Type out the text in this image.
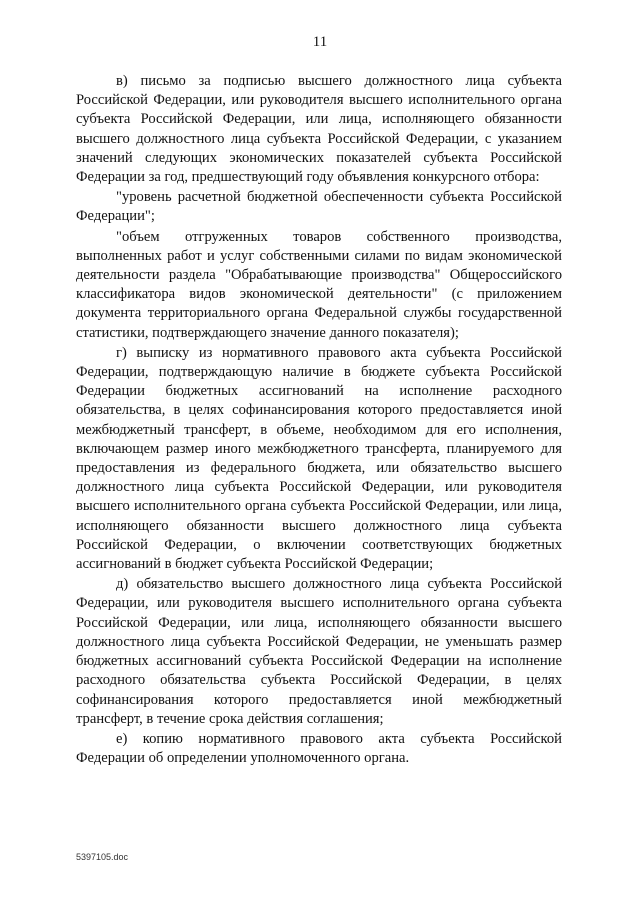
11

в) письмо за подписью высшего должностного лица субъекта Российской Федерации, или руководителя высшего исполнительного органа субъекта Российской Федерации, или лица, исполняющего обязанности высшего должностного лица субъекта Российской Федерации, с указанием значений следующих экономических показателей субъекта Российской Федерации за год, предшествующий году объявления конкурсного отбора:

"уровень расчетной бюджетной обеспеченности субъекта Российской Федерации";

"объем отгруженных товаров собственного производства, выполненных работ и услуг собственными силами по видам экономической деятельности раздела "Обрабатывающие производства" Общероссийского классификатора видов экономической деятельности" (с приложением документа территориального органа Федеральной службы государственной статистики, подтверждающего значение данного показателя);

г) выписку из нормативного правового акта субъекта Российской Федерации, подтверждающую наличие в бюджете субъекта Российской Федерации бюджетных ассигнований на исполнение расходного обязательства, в целях софинансирования которого предоставляется иной межбюджетный трансферт, в объеме, необходимом для его исполнения, включающем размер иного межбюджетного трансферта, планируемого для предоставления из федерального бюджета, или обязательство высшего должностного лица субъекта Российской Федерации, или руководителя высшего исполнительного органа субъекта Российской Федерации, или лица, исполняющего обязанности высшего должностного лица субъекта Российской Федерации, о включении соответствующих бюджетных ассигнований в бюджет субъекта Российской Федерации;

д) обязательство высшего должностного лица субъекта Российской Федерации, или руководителя высшего исполнительного органа субъекта Российской Федерации, или лица, исполняющего обязанности высшего должностного лица субъекта Российской Федерации, не уменьшать размер бюджетных ассигнований субъекта Российской Федерации на исполнение расходного обязательства субъекта Российской Федерации, в целях софинансирования которого предоставляется иной межбюджетный трансферт, в течение срока действия соглашения;

е) копию нормативного правового акта субъекта Российской Федерации об определении уполномоченного органа.

5397105.doc
